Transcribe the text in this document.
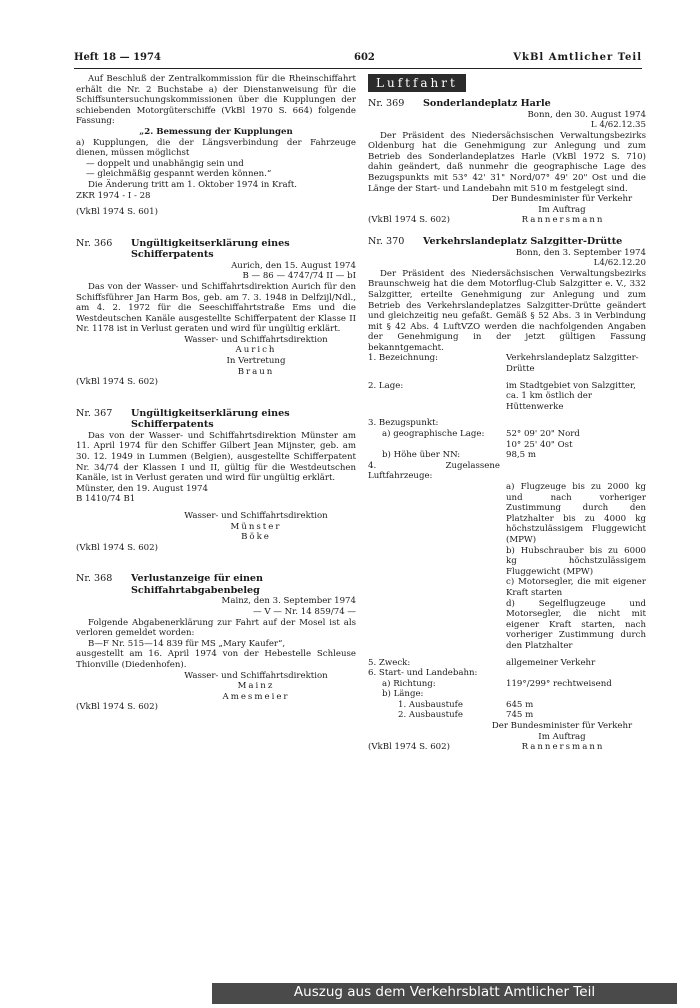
Heft 18 — 1974	602	VkBl Amtlicher Teil

Auf Beschluß der Zentralkommission für die Rheinschiffahrt erhält die Nr. 2 Buchstabe a) der Dienstanweisung für die Schiffsuntersuchungskommissionen über die Kupplungen der schiebenden Motorgüterschiffe (VkBl 1970 S. 664) folgende Fassung:

„2. Bemessung der Kupplungen

a) Kupplungen, die der Längsverbindung der Fahrzeuge dienen, müssen möglichst

— doppelt und unabhängig sein und

— gleichmäßig gespannt werden können.“

Die Änderung tritt am 1. Oktober 1974 in Kraft.

ZKR 1974 - I - 28

(VkBl 1974 S. 601)

Nr. 366	Ungültigkeitserklärung eines Schifferpatents

Aurich, den 15. August 1974

B — 86 — 4747/74 II — bI

Das von der Wasser- und Schiffahrtsdirektion Aurich für den Schiffsführer Jan Harm Bos, geb. am 7. 3. 1948 in Delfzijl/Ndl., am 4. 2. 1972 für die Seeschiffahrtstraße Ems und die Westdeutschen Kanäle ausgestellte Schifferpatent der Klasse II Nr. 1178 ist in Verlust geraten und wird für ungültig erklärt.

Wasser- und Schiffahrtsdirektion

Aurich

In Vertretung

Braun

(VkBl 1974 S. 602)

Nr. 367	Ungültigkeitserklärung eines Schifferpatents

Das von der Wasser- und Schiffahrtsdirektion Münster am 11. April 1974 für den Schiffer Gilbert Jean Mijnster, geb. am 30. 12. 1949 in Lummen (Belgien), ausgestellte Schifferpatent Nr. 34/74 der Klassen I und II, gültig für die Westdeutschen Kanäle, ist in Verlust geraten und wird für ungültig erklärt.

Münster, den 19. August 1974

B 1410/74 B1

Wasser- und Schiffahrtsdirektion

Münster

Böke

(VkBl 1974 S. 602)

Nr. 368	Verlustanzeige für einen Schiffahrtabgabenbeleg

Mainz, den 3. September 1974

— V — Nr. 14 859/74 —

Folgende Abgabenerklärung zur Fahrt auf der Mosel ist als verloren gemeldet worden:

B—F Nr. 515—14 839 für MS „Mary Kaufer“,

ausgestellt am 16. April 1974 von der Hebestelle Schleuse Thionville (Diedenhofen).

Wasser- und Schiffahrtsdirektion

Mainz

Amesmeier

(VkBl 1974 S. 602)

Luftfahrt
Nr. 369	Sonderlandeplatz Harle

Bonn, den 30. August 1974

L 4/62.12.35

Der Präsident des Niedersächsischen Verwaltungsbezirks Oldenburg hat die Genehmigung zur Anlegung und zum Betrieb des Sonderlandeplatzes Harle (VkBl 1972 S. 710) dahin geändert, daß nunmehr die geographische Lage des Bezugspunkts mit 53° 42' 31" Nord/07° 49' 20" Ost und die Länge der Start- und Landebahn mit 510 m festgelegt sind.

Der Bundesminister für Verkehr

Im Auftrag

(VkBl 1974 S. 602)	Rannersmann
Nr. 370	Verkehrslandeplatz Salzgitter-Drütte

Bonn, den 3. September 1974

L4/62.12.20

Der Präsident des Niedersächsischen Verwaltungsbezirks Braunschweig hat die dem Motorflug-Club Salzgitter e. V., 332 Salzgitter, erteilte Genehmigung zur Anlegung und zum Betrieb des Verkehrslandeplatzes Salzgitter-Drütte geändert und gleichzeitig neu gefaßt. Gemäß § 52 Abs. 3 in Verbindung mit § 42 Abs. 4 LuftVZO werden die nachfolgenden Angaben der Genehmigung in der jetzt gültigen Fassung bekanntgemacht.

1. Bezeichnung:	Verkehrslandeplatz Salzgitter-Drütte
2. Lage:	im Stadtgebiet von Salzgitter, ca. 1 km östlich der Hüttenwerke

3. Bezugspunkt:

a) geographische Lage:	52° 09' 20" Nord
10° 25' 40" Ost
b) Höhe über NN:	98,5 m

4. Zugelassene Luftfahrzeuge:

a) Flugzeuge bis zu 2000 kg und nach vorheriger Zustimmung durch den Platzhalter bis zu 4000 kg höchstzulässigem Fluggewicht (MPW)

b) Hubschrauber bis zu 6000 kg höchstzulässigem Fluggewicht (MPW)

c) Motorsegler, die mit eigener Kraft starten

d) Segelflugzeuge und Motorsegler, die nicht mit eigener Kraft starten, nach vorheriger Zustimmung durch den Platzhalter

5. Zweck:	allgemeiner Verkehr

6. Start- und Landebahn:

a) Richtung:	119°/299° rechtweisend

b) Länge:

1. Ausbaustufe	645 m
2. Ausbaustufe	745 m

Der Bundesminister für Verkehr

Im Auftrag

(VkBl 1974 S. 602)	Rannersmann
Auszug aus dem Verkehrsblatt Amtlicher Teil
